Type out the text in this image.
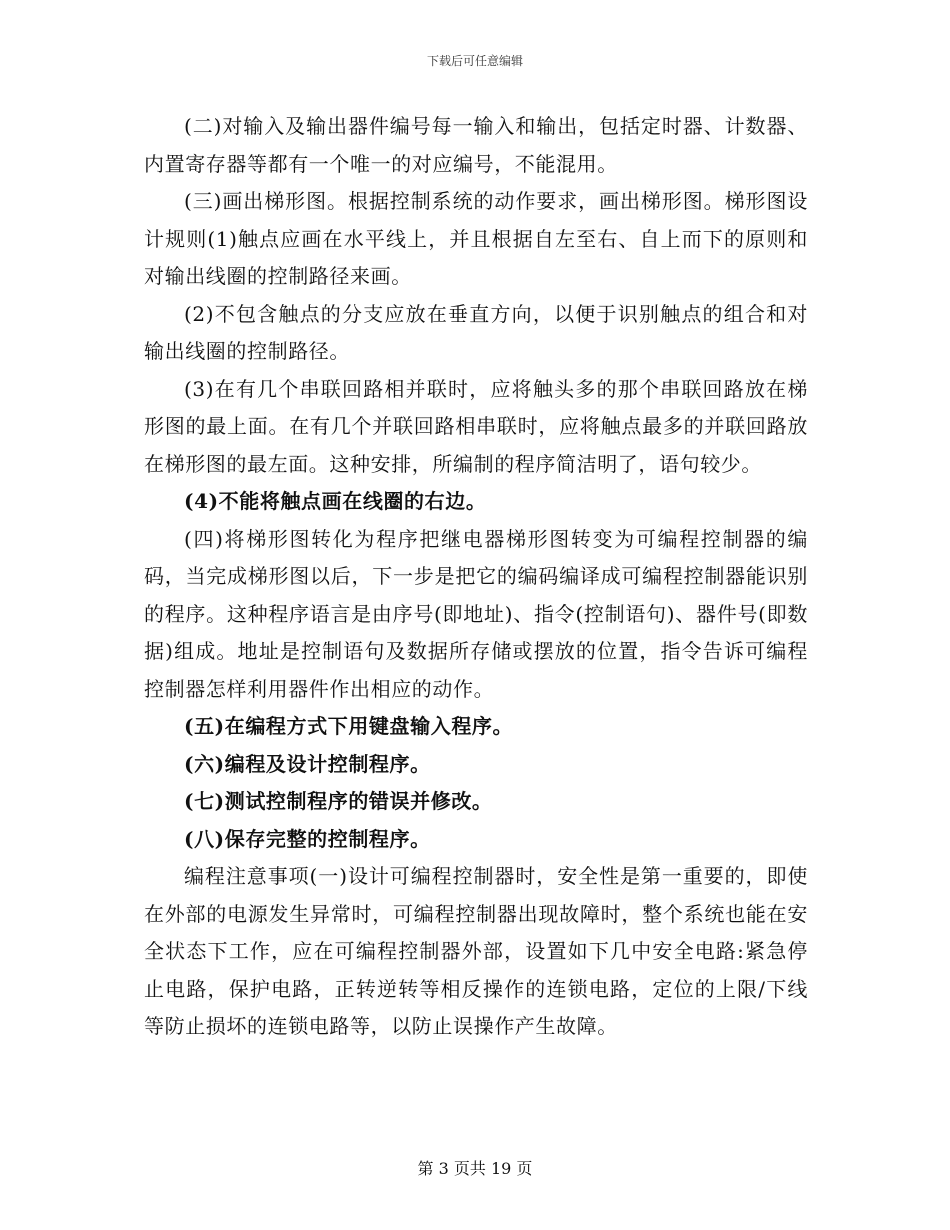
下载后可任意编辑

(二)对输入及输出器件编号每一输入和输出，包括定时器、计数器、内置寄存器等都有一个唯一的对应编号，不能混用。

(三)画出梯形图。根据控制系统的动作要求，画出梯形图。梯形图设计规则(1)触点应画在水平线上，并且根据自左至右、自上而下的原则和对输出线圈的控制路径来画。

(2)不包含触点的分支应放在垂直方向，以便于识别触点的组合和对输出线圈的控制路径。

(3)在有几个串联回路相并联时，应将触头多的那个串联回路放在梯形图的最上面。在有几个并联回路相串联时，应将触点最多的并联回路放在梯形图的最左面。这种安排，所编制的程序简洁明了，语句较少。

(4)不能将触点画在线圈的右边。

(四)将梯形图转化为程序把继电器梯形图转变为可编程控制器的编码，当完成梯形图以后，下一步是把它的编码编译成可编程控制器能识别的程序。这种程序语言是由序号(即地址)、指令(控制语句)、器件号(即数据)组成。地址是控制语句及数据所存储或摆放的位置，指令告诉可编程控制器怎样利用器件作出相应的动作。

(五)在编程方式下用键盘输入程序。

(六)编程及设计控制程序。

(七)测试控制程序的错误并修改。

(八)保存完整的控制程序。

编程注意事项(一)设计可编程控制器时，安全性是第一重要的，即使在外部的电源发生异常时，可编程控制器出现故障时，整个系统也能在安全状态下工作，应在可编程控制器外部，设置如下几中安全电路:紧急停止电路，保护电路，正转逆转等相反操作的连锁电路，定位的上限/下线等防止损坏的连锁电路等，以防止误操作产生故障。

第 3 页共 19 页
